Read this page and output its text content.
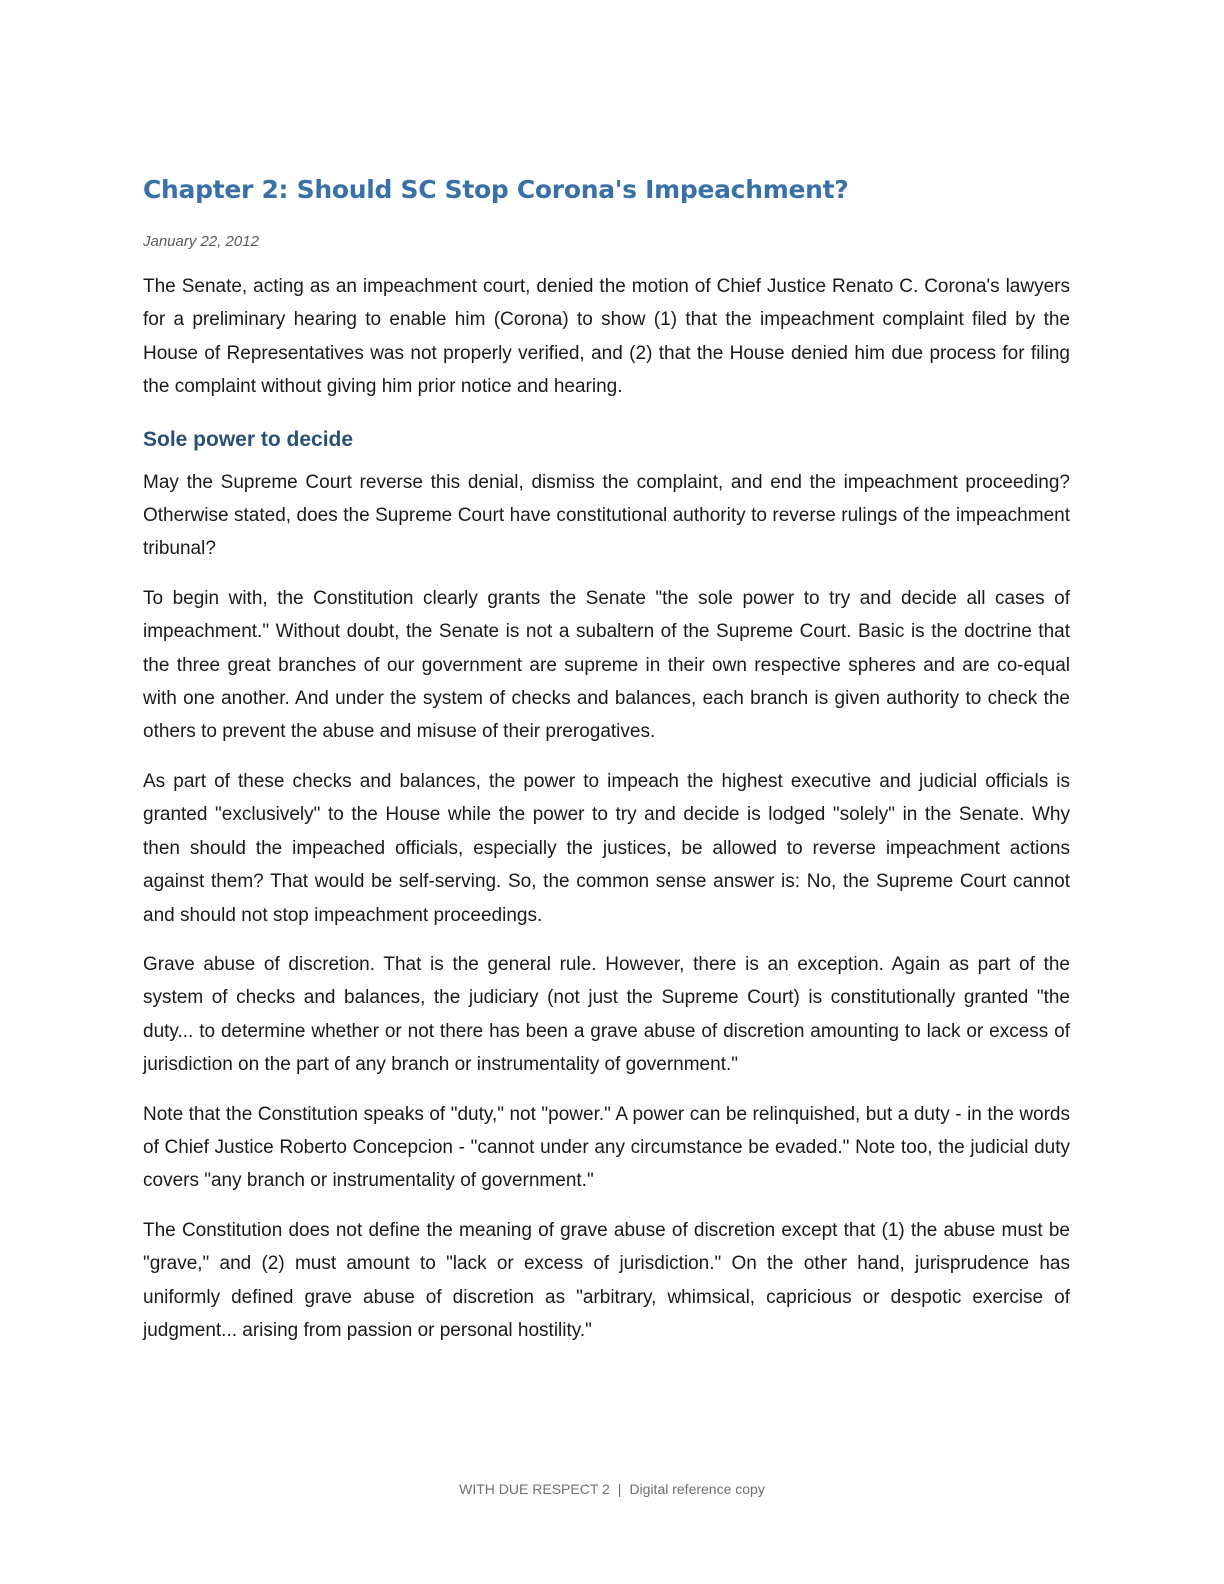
Chapter 2: Should SC Stop Corona's Impeachment?

January 22, 2012

The Senate, acting as an impeachment court, denied the motion of Chief Justice Renato C. Corona's lawyers for a preliminary hearing to enable him (Corona) to show (1) that the impeachment complaint filed by the House of Representatives was not properly verified, and (2) that the House denied him due process for filing the complaint without giving him prior notice and hearing.

Sole power to decide

May the Supreme Court reverse this denial, dismiss the complaint, and end the impeachment proceeding? Otherwise stated, does the Supreme Court have constitutional authority to reverse rulings of the impeachment tribunal?

To begin with, the Constitution clearly grants the Senate "the sole power to try and decide all cases of impeachment." Without doubt, the Senate is not a subaltern of the Supreme Court. Basic is the doctrine that the three great branches of our government are supreme in their own respective spheres and are co-equal with one another. And under the system of checks and balances, each branch is given authority to check the others to prevent the abuse and misuse of their prerogatives.

As part of these checks and balances, the power to impeach the highest executive and judicial officials is granted "exclusively" to the House while the power to try and decide is lodged "solely" in the Senate. Why then should the impeached officials, especially the justices, be allowed to reverse impeachment actions against them? That would be self-serving. So, the common sense answer is: No, the Supreme Court cannot and should not stop impeachment proceedings.

Grave abuse of discretion. That is the general rule. However, there is an exception. Again as part of the system of checks and balances, the judiciary (not just the Supreme Court) is constitutionally granted "the duty... to determine whether or not there has been a grave abuse of discretion amounting to lack or excess of jurisdiction on the part of any branch or instrumentality of government."

Note that the Constitution speaks of "duty," not "power." A power can be relinquished, but a duty - in the words of Chief Justice Roberto Concepcion - "cannot under any circumstance be evaded." Note too, the judicial duty covers "any branch or instrumentality of government."

The Constitution does not define the meaning of grave abuse of discretion except that (1) the abuse must be "grave," and (2) must amount to "lack or excess of jurisdiction." On the other hand, jurisprudence has uniformly defined grave abuse of discretion as "arbitrary, whimsical, capricious or despotic exercise of judgment... arising from passion or personal hostility."

WITH DUE RESPECT 2 | Digital reference copy
